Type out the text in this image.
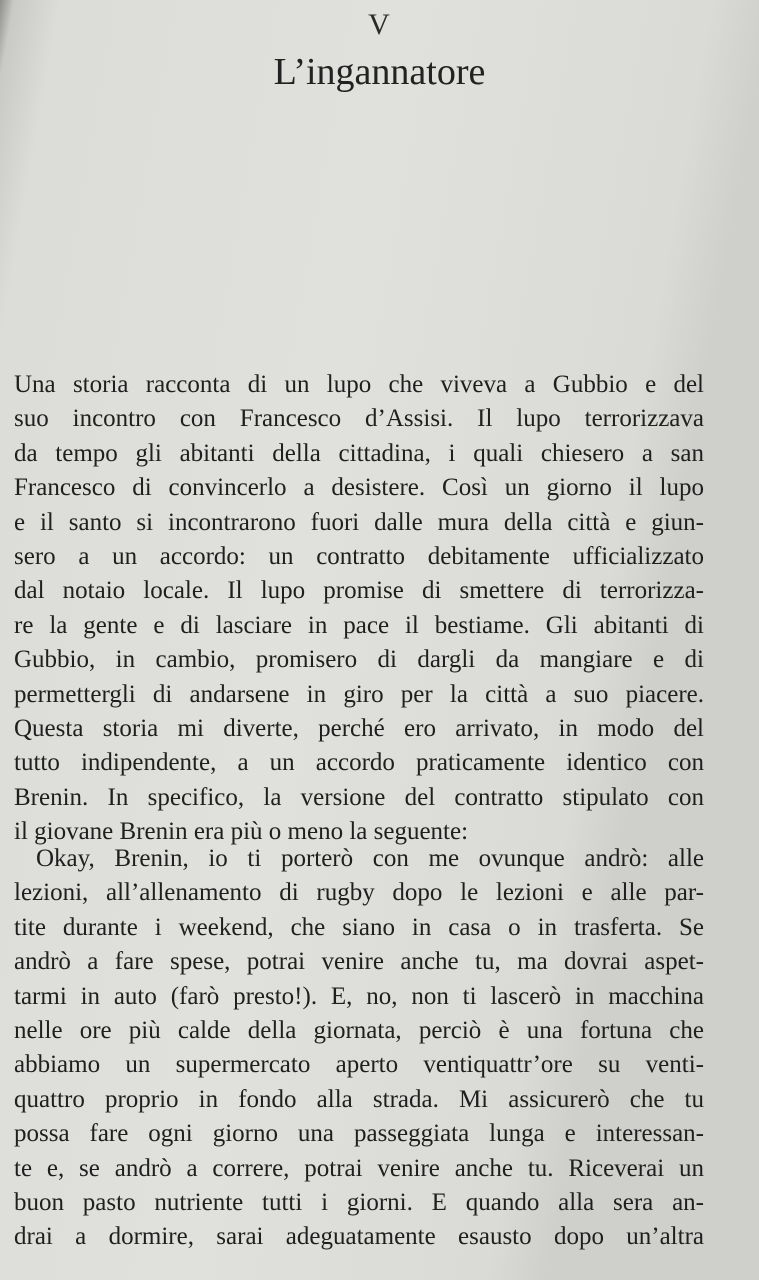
V
L’ingannatore
Una storia racconta di un lupo che viveva a Gubbio e del
suo incontro con Francesco d’Assisi. Il lupo terrorizzava
da tempo gli abitanti della cittadina, i quali chiesero a san
Francesco di convincerlo a desistere. Così un giorno il lupo
e il santo si incontrarono fuori dalle mura della città e giun-
sero a un accordo: un contratto debitamente ufficializzato
dal notaio locale. Il lupo promise di smettere di terrorizza-
re la gente e di lasciare in pace il bestiame. Gli abitanti di
Gubbio, in cambio, promisero di dargli da mangiare e di
permettergli di andarsene in giro per la città a suo piacere.
Questa storia mi diverte, perché ero arrivato, in modo del
tutto indipendente, a un accordo praticamente identico con
Brenin. In specifico, la versione del contratto stipulato con
il giovane Brenin era più o meno la seguente:
Okay, Brenin, io ti porterò con me ovunque andrò: alle
lezioni, all’allenamento di rugby dopo le lezioni e alle par-
tite durante i weekend, che siano in casa o in trasferta. Se
andrò a fare spese, potrai venire anche tu, ma dovrai aspet-
tarmi in auto (farò presto!). E, no, non ti lascerò in macchina
nelle ore più calde della giornata, perciò è una fortuna che
abbiamo un supermercato aperto ventiquattr’ore su venti-
quattro proprio in fondo alla strada. Mi assicurerò che tu
possa fare ogni giorno una passeggiata lunga e interessan-
te e, se andrò a correre, potrai venire anche tu. Riceverai un
buon pasto nutriente tutti i giorni. E quando alla sera an-
drai a dormire, sarai adeguatamente esausto dopo un’altra
